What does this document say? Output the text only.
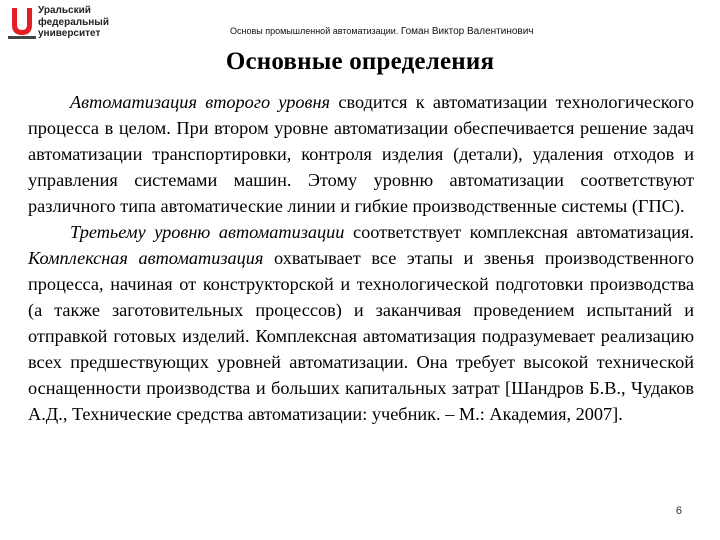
Уральский
федеральный
университет	Основы промышленной автоматизации. Гоман Виктор Валентинович
Основные определения

Автоматизация второго уровня сводится к автоматизации технологического процесса в целом. При втором уровне автоматизации обеспечивается решение задач автоматизации транспортировки, контроля изделия (детали), удаления отходов и управления системами машин. Этому уровню автоматизации соответствуют различного типа автоматические линии и гибкие производственные системы (ГПС).

Третьему уровню автоматизации соответствует комплексная автоматизация. Комплексная автоматизация охватывает все этапы и звенья производственного процесса, начиная от конструкторской и технологической подготовки производства (а также заготовительных процессов) и заканчивая проведением испытаний и отправкой готовых изделий. Комплексная автоматизация подразумевает реализацию всех предшествующих уровней автоматизации. Она требует высокой технической оснащенности производства и больших капитальных затрат [Шандров Б.В., Чудаков А.Д., Технические средства автоматизации: учебник. – М.: Академия, 2007].

6
